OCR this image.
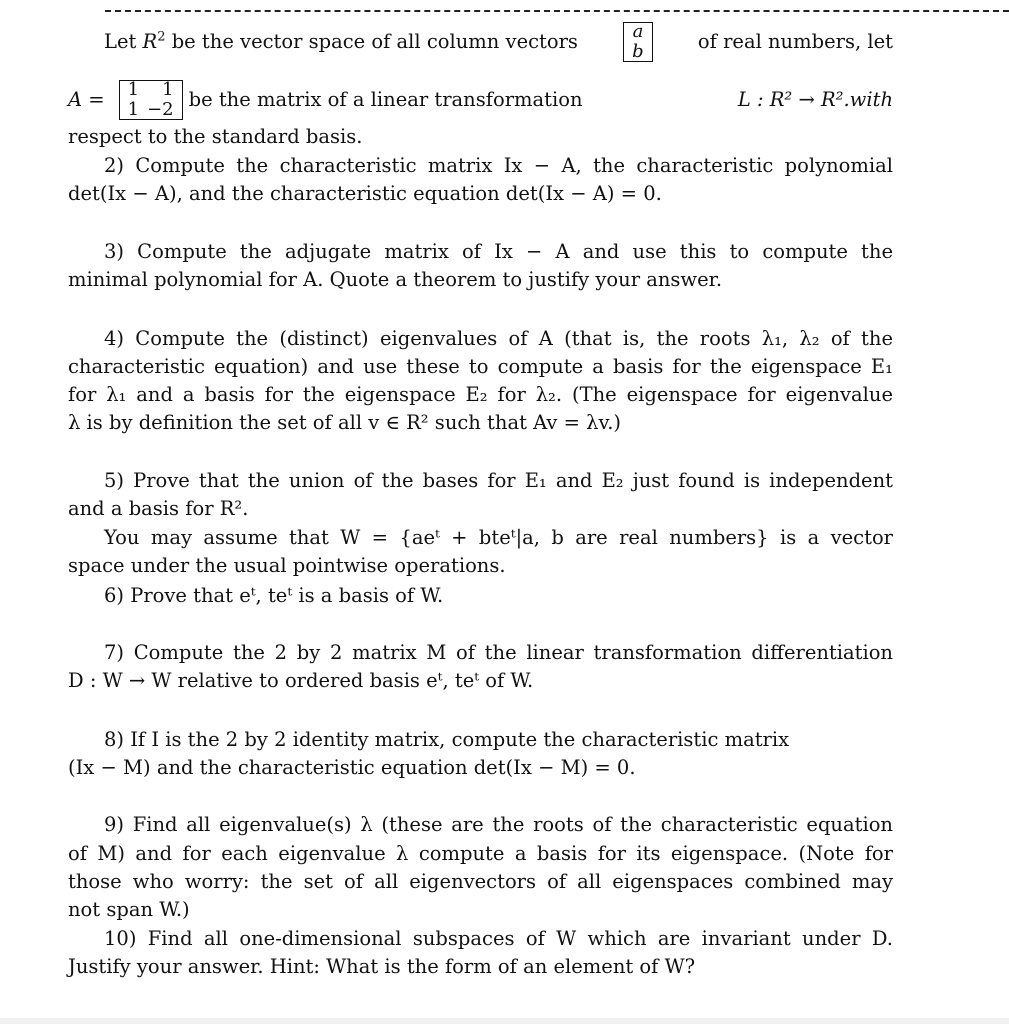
Let $R^2$ be the vector space of all column vectors	a
b	of real numbers, let
A = 1	1
1	−2 be the matrix of a linear transformation	L : R² → R².with
respect to the standard basis.
2) Compute the characteristic matrix Ix − A, the characteristic polynomial
det(Ix − A), and the characteristic equation det(Ix − A) = 0.
3) Compute the adjugate matrix of Ix − A and use this to compute the
minimal polynomial for A. Quote a theorem to justify your answer.
4) Compute the (distinct) eigenvalues of A (that is, the roots λ₁, λ₂ of the
characteristic equation) and use these to compute a basis for the eigenspace E₁
for λ₁ and a basis for the eigenspace E₂ for λ₂. (The eigenspace for eigenvalue
λ is by definition the set of all v ∈ R² such that Av = λv.)
5) Prove that the union of the bases for E₁ and E₂ just found is independent
and a basis for R².
You may assume that W = {aeᵗ + bteᵗ|a, b are real numbers} is a vector
space under the usual pointwise operations.
6) Prove that eᵗ, teᵗ is a basis of W.
7) Compute the 2 by 2 matrix M of the linear transformation differentiation
D : W → W relative to ordered basis eᵗ, teᵗ of W.
8) If I is the 2 by 2 identity matrix, compute the characteristic matrix
(Ix − M) and the characteristic equation det(Ix − M) = 0.
9) Find all eigenvalue(s) λ (these are the roots of the characteristic equation
of M) and for each eigenvalue λ compute a basis for its eigenspace. (Note for
those who worry: the set of all eigenvectors of all eigenspaces combined may
not span W.)
10) Find all one-dimensional subspaces of W which are invariant under D.
Justify your answer. Hint: What is the form of an element of W?
